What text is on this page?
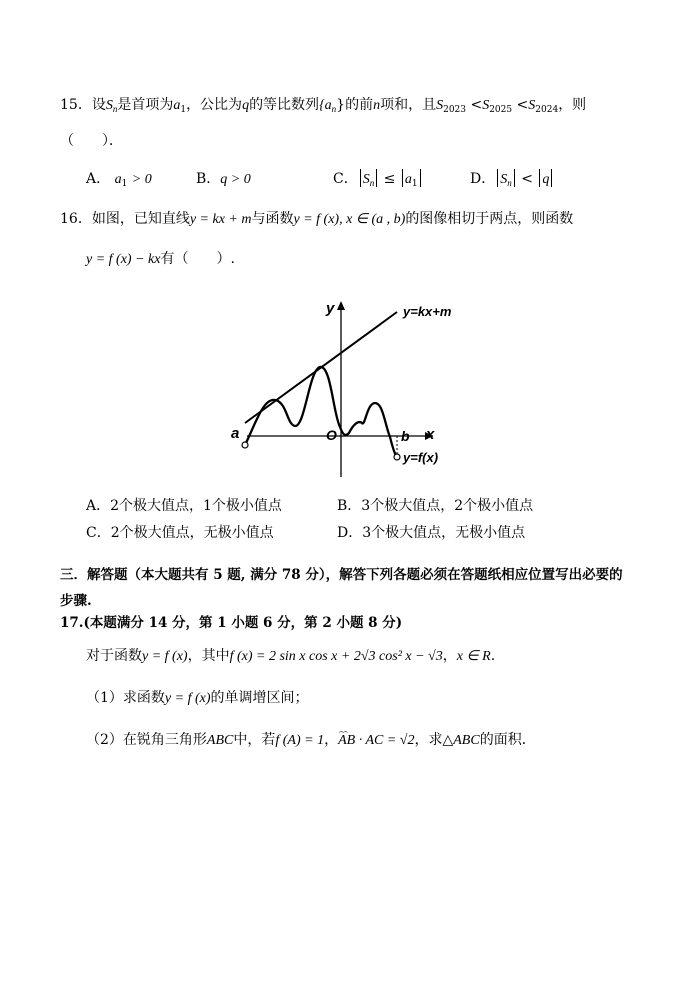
15．设$S_n$是首项为$a_1$，公比为q的等比数列$\{a_n\}$的前n项和，且$S_{2023} <S_{2025} <S_{2024}$，则
（　　）．
A． $a_1 > 0$	B．q > 0	C． $S_n \le a_1$	D． $S_n < q$
16．如图，已知直线y = kx + m与函数y = f (x), x ∈ (a , b)的图像相切于两点，则函数
y = f (x) − kx有（　　）.
y	y=kx+m
x
O
a	b
y=f(x)
A．2个极大值点，1个极小值点	B．3个极大值点，2个极小值点
C．2个极大值点，无极小值点	D．3个极大值点，无极小值点
三．解答题（本大题共有 5 题, 满分 78 分），解答下列各题必须在答题纸相应位置写出必要的
步骤.
17.(本题满分 14 分，第 1 小题 6 分，第 2 小题 8 分)
对于函数y = f (x)，其中f (x) = 2 sin x cos x + 2√3 cos² x − √3，x ∈ R.
（1）求函数y = f (x)的单调增区间；
（2）在锐角三角形ABC中，若f (A) = 1，⌢⌢ AB · AC = √2，求△ABC的面积．
